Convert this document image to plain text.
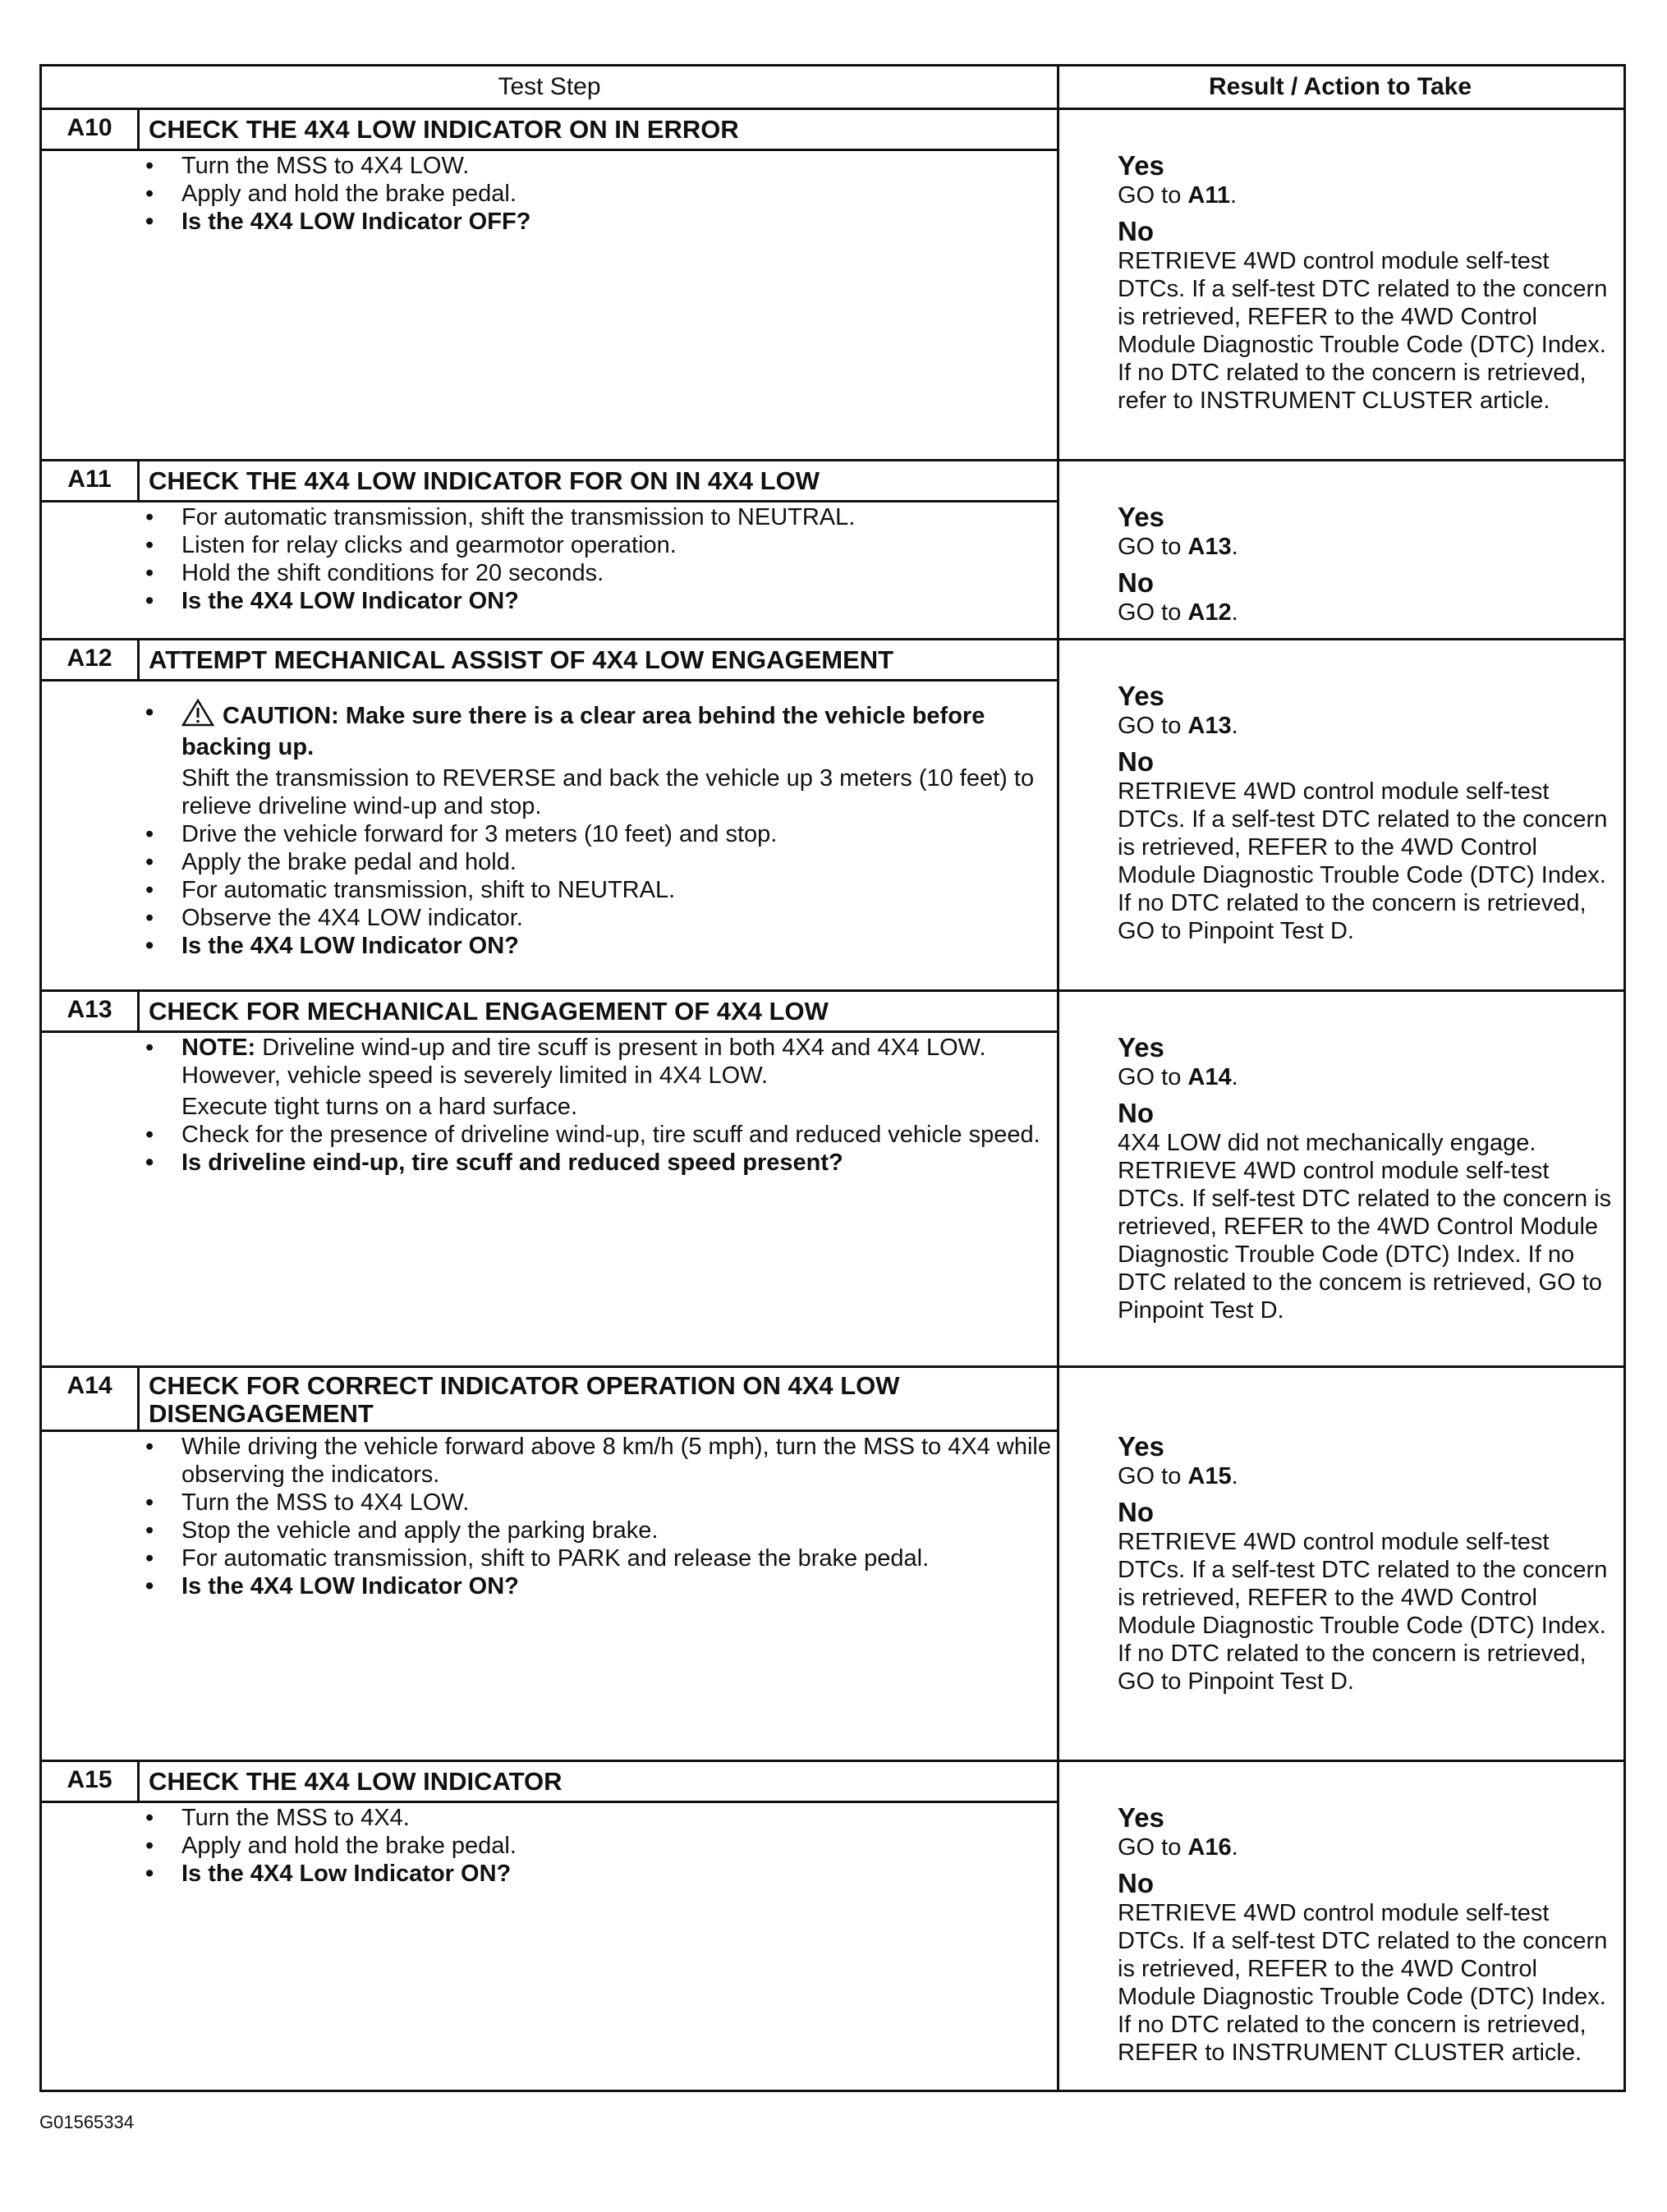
Test Step	Result / Action to Take
A10	CHECK THE 4X4 LOW INDICATOR ON IN ERROR
• Turn the MSS to 4X4 LOW.
• Apply and hold the brake pedal.
• Is the 4X4 LOW Indicator OFF?
Yes
GO to A11.
No
RETRIEVE 4WD control module self-test DTCs. If a self-test DTC related to the concern is retrieved, REFER to the 4WD Control Module Diagnostic Trouble Code (DTC) Index. If no DTC related to the concern is retrieved, refer to INSTRUMENT CLUSTER article.
A11	CHECK THE 4X4 LOW INDICATOR FOR ON IN 4X4 LOW
• For automatic transmission, shift the transmission to NEUTRAL.
• Listen for relay clicks and gearmotor operation.
• Hold the shift conditions for 20 seconds.
• Is the 4X4 LOW Indicator ON?
Yes
GO to A13.
No
GO to A12.
A12	ATTEMPT MECHANICAL ASSIST OF 4X4 LOW ENGAGEMENT
• CAUTION: Make sure there is a clear area behind the vehicle before backing up.
Shift the transmission to REVERSE and back the vehicle up 3 meters (10 feet) to relieve driveline wind-up and stop.
• Drive the vehicle forward for 3 meters (10 feet) and stop.
• Apply the brake pedal and hold.
• For automatic transmission, shift to NEUTRAL.
• Observe the 4X4 LOW indicator.
• Is the 4X4 LOW Indicator ON?
Yes
GO to A13.
No
RETRIEVE 4WD control module self-test DTCs. If a self-test DTC related to the concern is retrieved, REFER to the 4WD Control Module Diagnostic Trouble Code (DTC) Index. If no DTC related to the concern is retrieved, GO to Pinpoint Test D.
A13	CHECK FOR MECHANICAL ENGAGEMENT OF 4X4 LOW
• NOTE: Driveline wind-up and tire scuff is present in both 4X4 and 4X4 LOW. However, vehicle speed is severely limited in 4X4 LOW.
Execute tight turns on a hard surface.
• Check for the presence of driveline wind-up, tire scuff and reduced vehicle speed.
• Is driveline eind-up, tire scuff and reduced speed present?
Yes
GO to A14.
No
4X4 LOW did not mechanically engage. RETRIEVE 4WD control module self-test DTCs. If self-test DTC related to the concern is retrieved, REFER to the 4WD Control Module Diagnostic Trouble Code (DTC) Index. If no DTC related to the concem is retrieved, GO to Pinpoint Test D.
A14	CHECK FOR CORRECT INDICATOR OPERATION ON 4X4 LOW DISENGAGEMENT
• While driving the vehicle forward above 8 km/h (5 mph), turn the MSS to 4X4 while observing the indicators.
• Turn the MSS to 4X4 LOW.
• Stop the vehicle and apply the parking brake.
• For automatic transmission, shift to PARK and release the brake pedal.
• Is the 4X4 LOW Indicator ON?
Yes
GO to A15.
No
RETRIEVE 4WD control module self-test DTCs. If a self-test DTC related to the concern is retrieved, REFER to the 4WD Control Module Diagnostic Trouble Code (DTC) Index. If no DTC related to the concern is retrieved, GO to Pinpoint Test D.
A15	CHECK THE 4X4 LOW INDICATOR
• Turn the MSS to 4X4.
• Apply and hold the brake pedal.
• Is the 4X4 Low Indicator ON?
Yes
GO to A16.
No
RETRIEVE 4WD control module self-test DTCs. If a self-test DTC related to the concern is retrieved, REFER to the 4WD Control Module Diagnostic Trouble Code (DTC) Index. If no DTC related to the concern is retrieved, REFER to INSTRUMENT CLUSTER article.
G01565334
